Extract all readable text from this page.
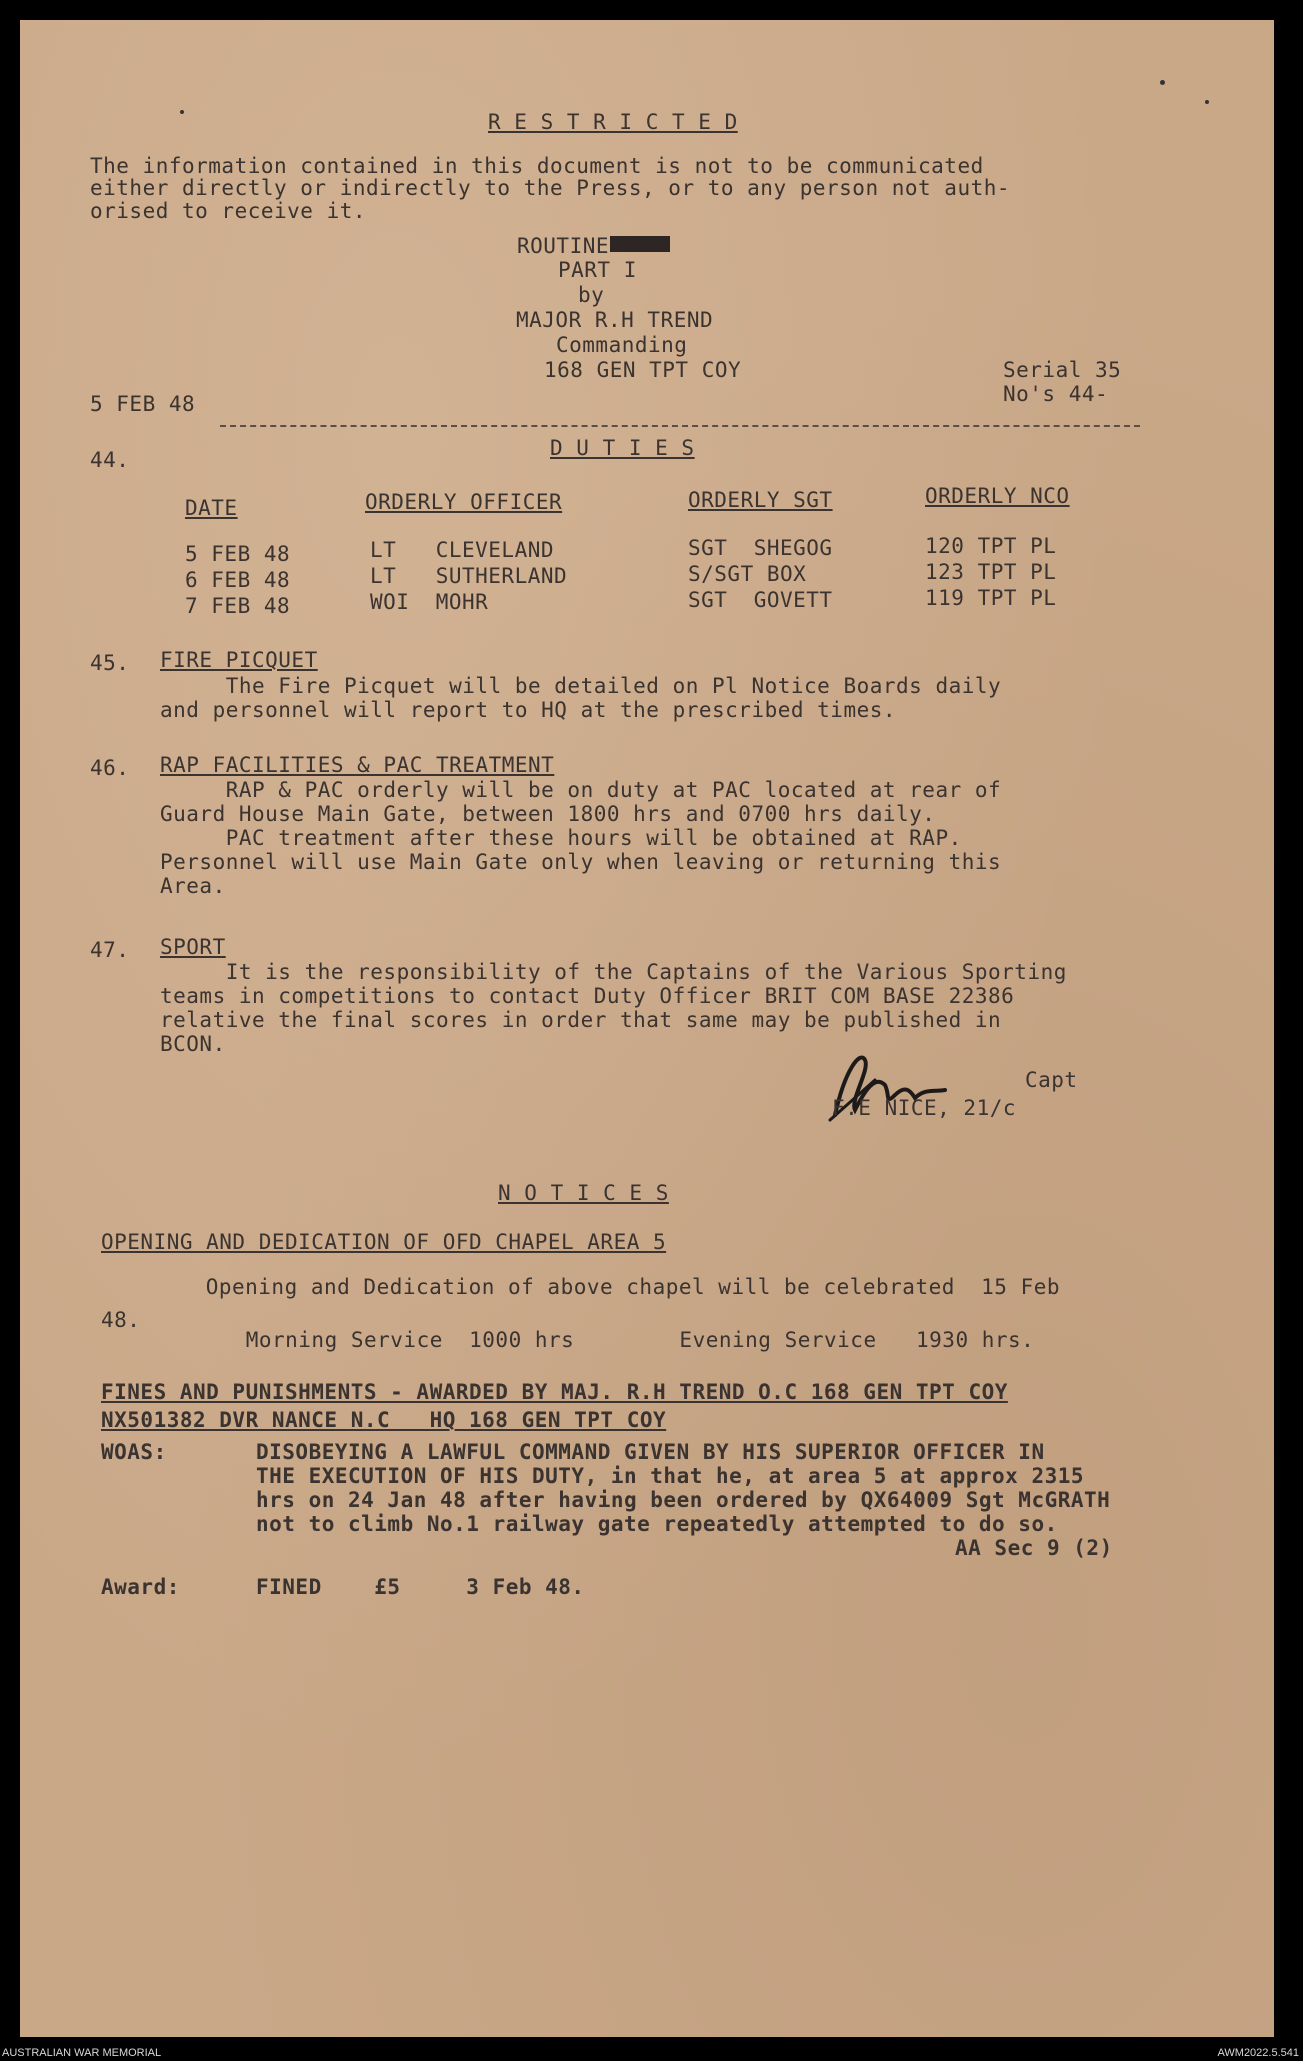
R E S T R I C T E D
The information contained in this document is not to be communicated
either directly or indirectly to the Press, or to any person not auth-
orised to receive it.
ROUTINE
PART I
by
MAJOR R.H TREND
Commanding
168 GEN TPT COY	Serial 35
No's 44-
5 FEB 48
44.	D U T I E S
DATE	ORDERLY OFFICER	ORDERLY SGT	ORDERLY NCO
5 FEB 48	LT   CLEVELAND	SGT  SHEGOG	120 TPT PL
6 FEB 48	LT   SUTHERLAND	S/SGT BOX	123 TPT PL
7 FEB 48	WOI  MOHR	SGT  GOVETT	119 TPT PL
45. FIRE PICQUET
The Fire Picquet will be detailed on Pl Notice Boards daily
and personnel will report to HQ at the prescribed times.
46. RAP FACILITIES & PAC TREATMENT
RAP & PAC orderly will be on duty at PAC located at rear of
Guard House Main Gate, between 1800 hrs and 0700 hrs daily.
PAC treatment after these hours will be obtained at RAP.
Personnel will use Main Gate only when leaving or returning this
Area.
47. SPORT
It is the responsibility of the Captains of the Various Sporting
teams in competitions to contact Duty Officer BRIT COM BASE 22386
relative the final scores in order that same may be published in
BCON.
Capt
F.E NICE, 21/c
N O T I C E S
OPENING AND DEDICATION OF OFD CHAPEL AREA 5
Opening and Dedication of above chapel will be celebrated  15 Feb
48.
Morning Service  1000 hrs        Evening Service   1930 hrs.
FINES AND PUNISHMENTS - AWARDED BY MAJ. R.H TREND O.C 168 GEN TPT COY
NX501382 DVR NANCE N.C   HQ 168 GEN TPT COY
WOAS:	DISOBEYING A LAWFUL COMMAND GIVEN BY HIS SUPERIOR OFFICER IN
THE EXECUTION OF HIS DUTY, in that he, at area 5 at approx 2315
hrs on 24 Jan 48 after having been ordered by QX64009 Sgt McGRATH
not to climb No.1 railway gate repeatedly attempted to do so.
AA Sec 9 (2)
Award:	FINED    £5     3 Feb 48.
AUSTRALIAN WAR MEMORIAL	AWM2022.5.541
